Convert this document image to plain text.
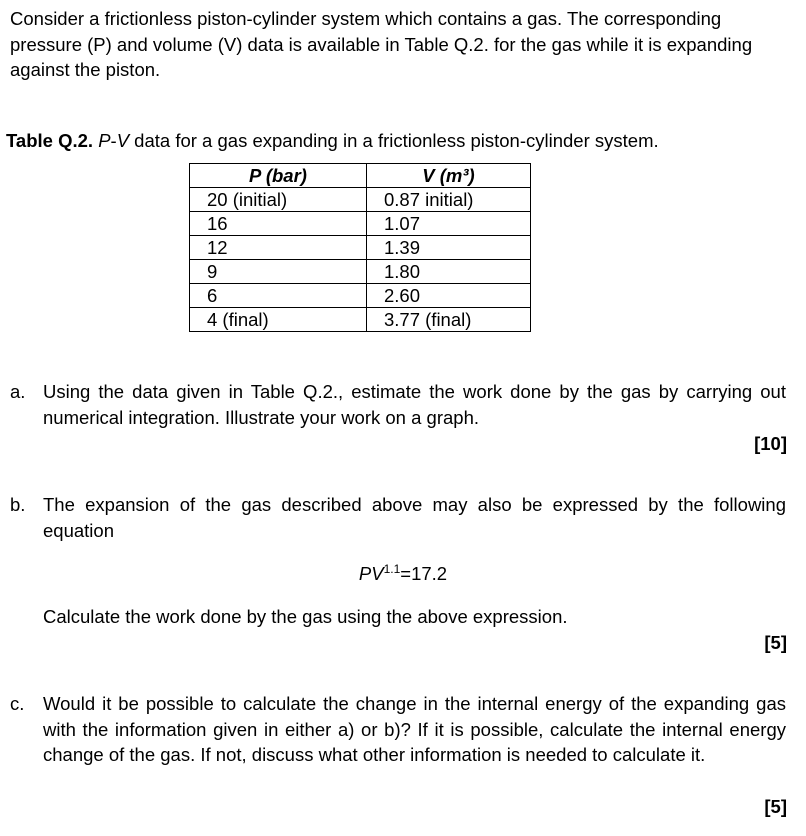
Consider a frictionless piston-cylinder system which contains a gas. The corresponding pressure (P) and volume (V) data is available in Table Q.2. for the gas while it is expanding against the piston.
Table Q.2. P-V data for a gas expanding in a frictionless piston-cylinder system.
P (bar)	V (m³)
20 (initial)	0.87 initial)
16	1.07
12	1.39
9	1.80
6	2.60
4 (final)	3.77 (final)
a. Using the data given in Table Q.2., estimate the work done by the gas by carrying out numerical integration. Illustrate your work on a graph.
[10]
b. The expansion of the gas described above may also be expressed by the following equation
$PV^{1.1}=17.2$
Calculate the work done by the gas using the above expression.
[5]
c. Would it be possible to calculate the change in the internal energy of the expanding gas with the information given in either a) or b)? If it is possible, calculate the internal energy change of the gas. If not, discuss what other information is needed to calculate it.
[5]
